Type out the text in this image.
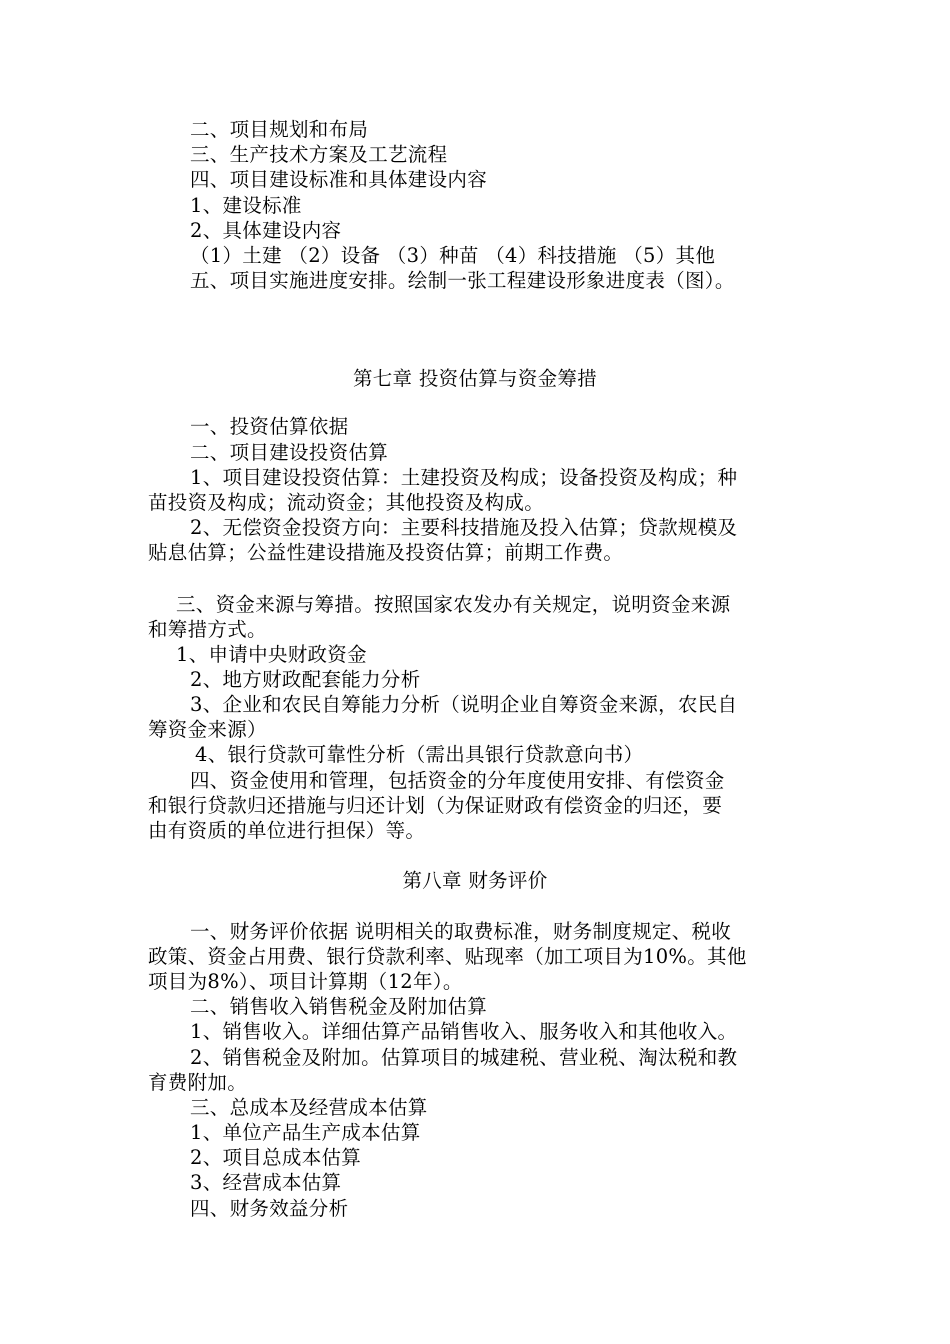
二、项目规划和布局

三、生产技术方案及工艺流程

四、项目建设标准和具体建设内容

1、建设标准

2、具体建设内容

（1）土建 （2）设备 （3）种苗 （4）科技措施 （5）其他

五、项目实施进度安排。绘制一张工程建设形象进度表（图）。

第七章 投资估算与资金筹措

一、投资估算依据

二、项目建设投资估算

1、项目建设投资估算：土建投资及构成；设备投资及构成；种

苗投资及构成；流动资金；其他投资及构成。

2、无偿资金投资方向：主要科技措施及投入估算；贷款规模及

贴息估算；公益性建设措施及投资估算；前期工作费。

三、资金来源与筹措。按照国家农发办有关规定，说明资金来源

和筹措方式。

1、申请中央财政资金

2、地方财政配套能力分析

3、企业和农民自筹能力分析（说明企业自筹资金来源，农民自

筹资金来源）

4、银行贷款可靠性分析（需出具银行贷款意向书）

四、资金使用和管理，包括资金的分年度使用安排、有偿资金

和银行贷款归还措施与归还计划（为保证财政有偿资金的归还，要

由有资质的单位进行担保）等。

第八章 财务评价

一、财务评价依据 说明相关的取费标准，财务制度规定、税收

政策、资金占用费、银行贷款利率、贴现率（加工项目为10%。其他

项目为8%）、项目计算期（12年）。

二、销售收入销售税金及附加估算

1、销售收入。详细估算产品销售收入、服务收入和其他收入。

2、销售税金及附加。估算项目的城建税、营业税、淘汰税和教

育费附加。

三、总成本及经营成本估算

1、单位产品生产成本估算

2、项目总成本估算

3、经营成本估算

四、财务效益分析
